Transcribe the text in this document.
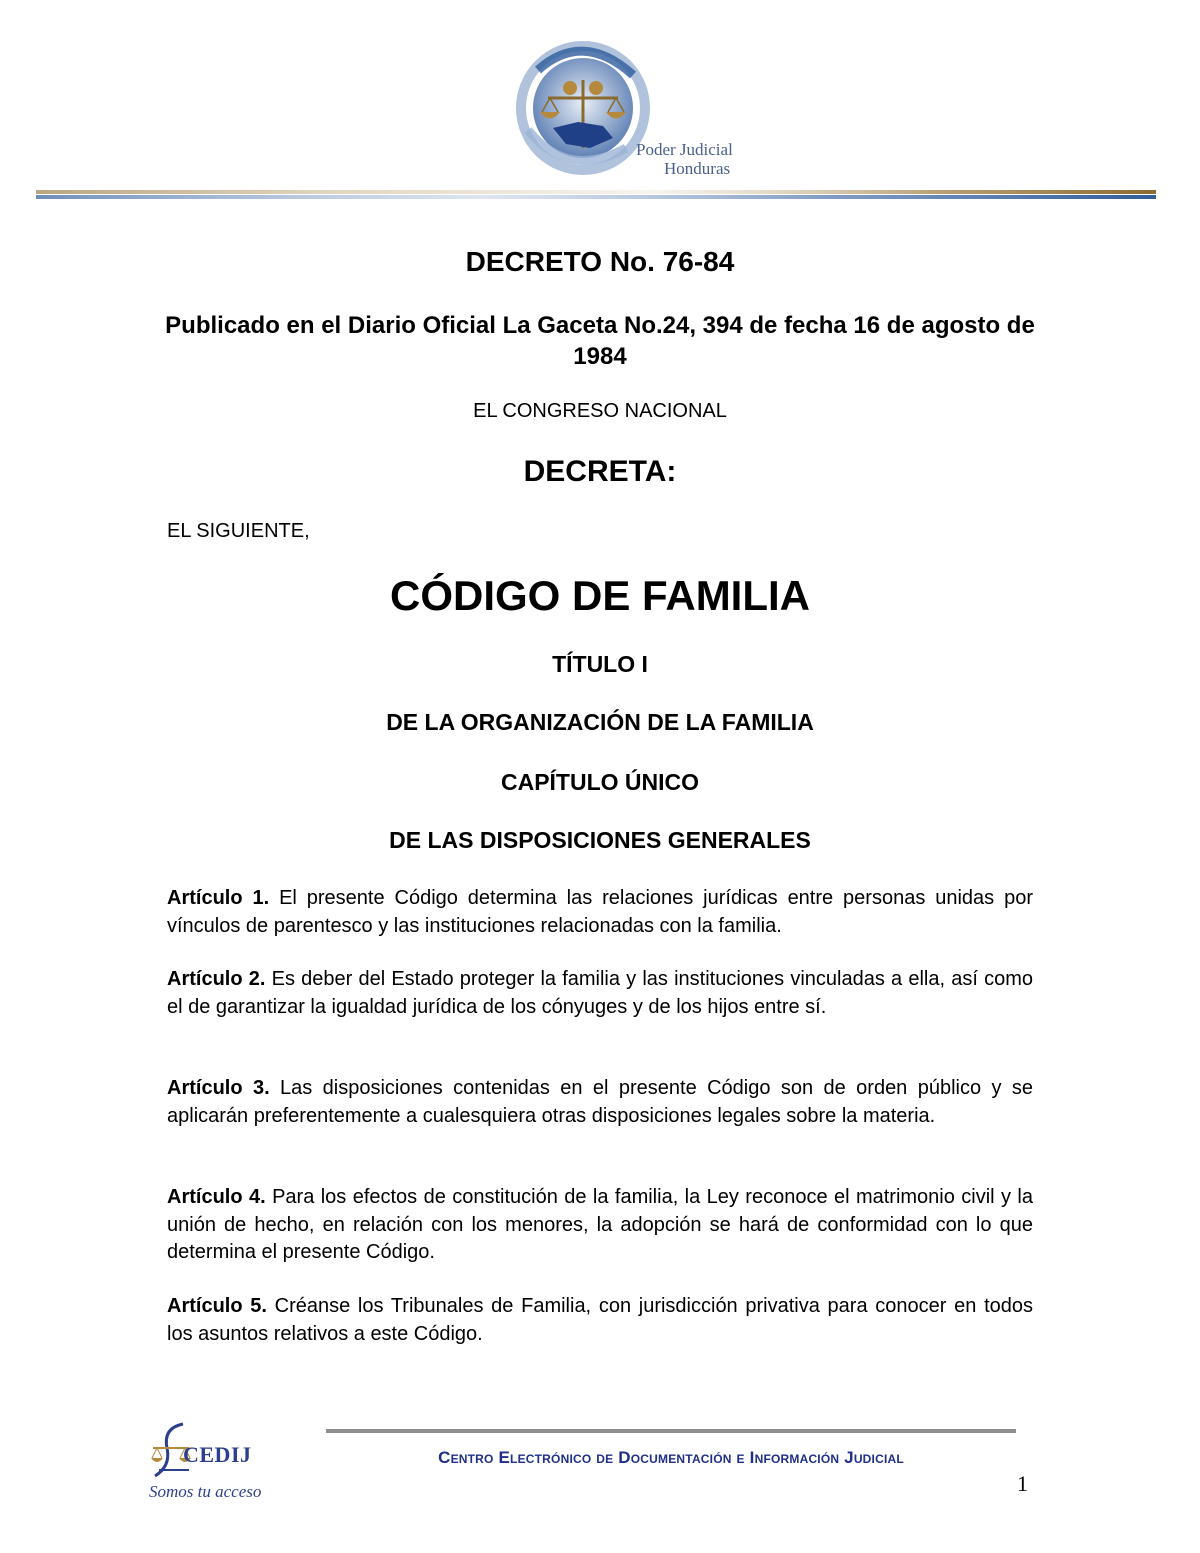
Poder Judicial
Honduras
DECRETO No. 76-84
Publicado en el Diario Oficial La Gaceta No.24, 394 de fecha 16 de agosto de 1984
EL CONGRESO NACIONAL
DECRETA:
EL SIGUIENTE,
CÓDIGO DE FAMILIA
TÍTULO I
DE LA ORGANIZACIÓN DE LA FAMILIA
CAPÍTULO ÚNICO
DE LAS DISPOSICIONES GENERALES
Artículo 1. El presente Código determina las relaciones jurídicas entre personas unidas por vínculos de parentesco y las instituciones relacionadas con la familia.
Artículo 2. Es deber del Estado proteger la familia y las instituciones vinculadas a ella, así como el de garantizar la igualdad jurídica de los cónyuges y de los hijos entre sí.
Artículo 3. Las disposiciones contenidas en el presente Código son de orden público y se aplicarán preferentemente a cualesquiera otras disposiciones legales sobre la materia.
Artículo 4. Para los efectos de constitución de la familia, la Ley reconoce el matrimonio civil y la unión de hecho, en relación con los menores, la adopción se hará de conformidad con lo que determina el presente Código.
Artículo 5. Créanse los Tribunales de Familia, con jurisdicción privativa para conocer en todos los asuntos relativos a este Código.
CEDIJ
Somos tu acceso
Centro Electrónico de Documentación e Información Judicial
1
